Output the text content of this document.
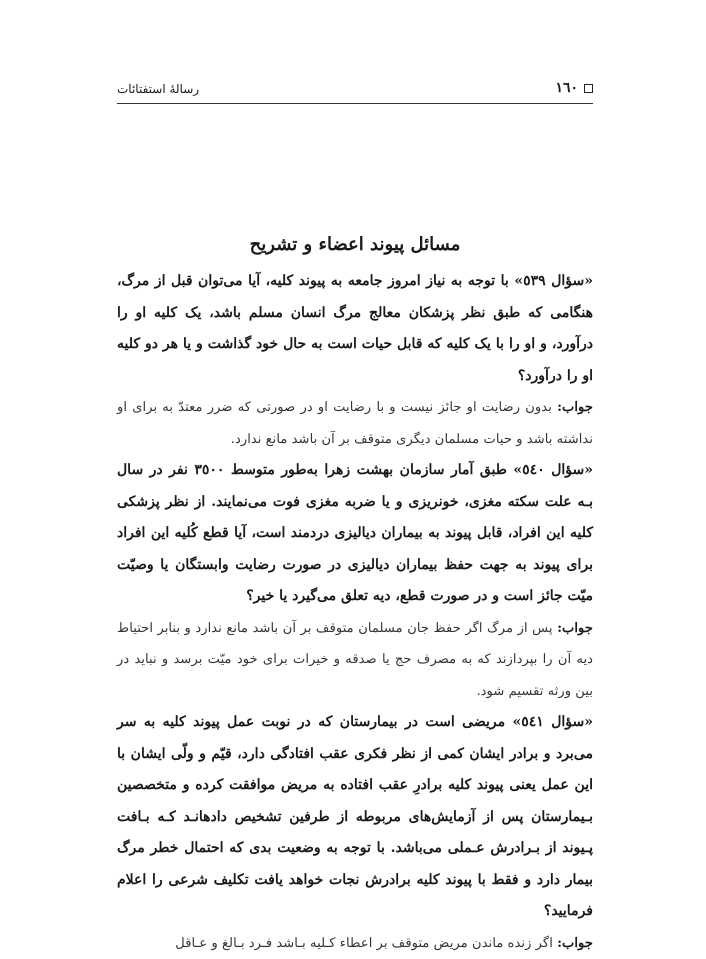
١٦٠
رسالۀ استفتائات
مسائل پیوند اعضاء و تشریح

«سؤال ٥٣٩» با توجه به نیاز امروز جامعه به پیوند کلیه، آیا می‌توان قبل از مرگ، هنگامی که طبق نظر پزشکان معالج مرگ انسان مسلم باشد، یک کلیه او را درآورد، و او را با یک کلیه که قابل حیات است به حال خود گذاشت و یا هر دو کلیه او را درآورد؟

جواب: بدون رضایت او جائز نیست و با رضایت او در صورتی که ضرر معتدّ به برای او نداشته باشد و حیات مسلمان دیگری متوقف بر آن باشد مانع ندارد.

«سؤال ٥٤٠» طبق آمار سازمان بهشت زهرا به‌طور متوسط ٣٥٠٠ نفر در سال بـه علت سکته مغزی، خونریزی و یا ضربه مغزی فوت می‌نمایند. از نظر پزشکی کلیه این افراد، قابل پیوند به بیماران دیالیزی دردمند است، آیا قطع کُلیه این افراد برای پیوند به جهت حفظ بیماران دیالیزی در صورت رضایت وابستگان یا وصیّت میّت جائز است و در صورت قطع، دیه تعلق می‌گیرد یا خیر؟

جواب: پس از مرگ اگر حفظ جان مسلمان متوقف بر آن باشد مانع ندارد و بنابر احتیاط دیه آن را بپردازند که به مصرف حج یا صدقه و خیرات برای خود میّت برسد و نباید در بین ورثه تقسیم شود.

«سؤال ٥٤١» مریضی است در بیمارستان که در نوبت عمل پیوند کلیه به سر می‌برد و برادر ایشان کمی از نظر فکری عقب افتادگی دارد، قیّم و ولّی ایشان با این عمل یعنی پیوند کلیه برادرِ عقب افتاده به مریض موافقت کرده و متخصصین بـیمارستان پس از آزمایش‌های مربوطه از طرفین تشخیص دادهانـد کـه بـافت پـیوند از بـرادرش عـملی می‌باشد. با توجه به وضعیت بدی که احتمال خطر مرگ بیمار دارد و فقط با پیوند کلیه برادرش نجات خواهد یافت تکلیف شرعی را اعلام فرمایید؟

جواب: اگر زنده ماندن مریض متوقف بر اعطاء کـلیه بـاشد فـرد بـالغ و عـاقل
